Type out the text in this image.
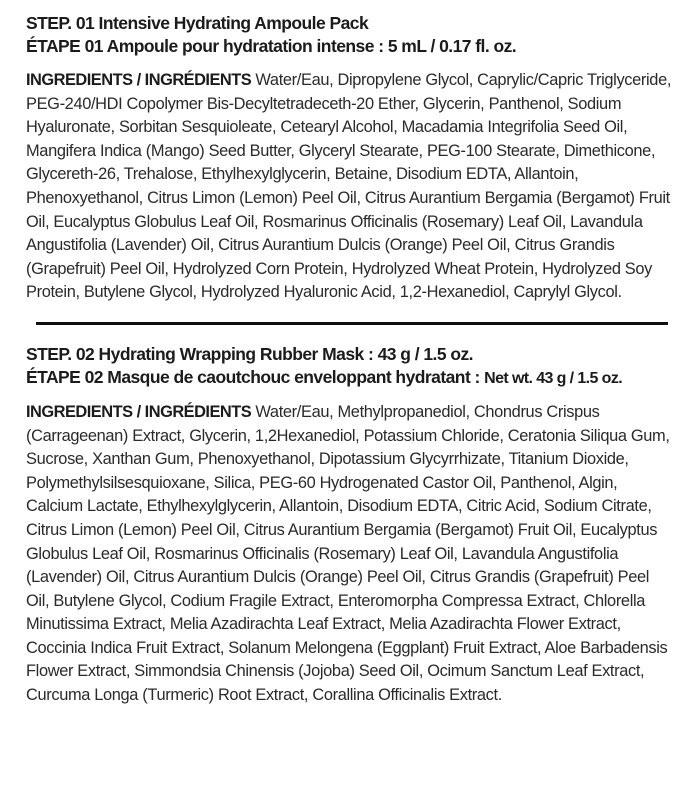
STEP. 01 Intensive Hydrating Ampoule Pack
ÉTAPE 01 Ampoule pour hydratation intense : 5 mL / 0.17 fl. oz.

INGREDIENTS / INGRÉDIENTS Water/Eau, Dipropylene Glycol, Caprylic/Capric Triglyceride, PEG-240/HDI Copolymer Bis-Decyltetradeceth-20 Ether, Glycerin, Panthenol, Sodium Hyaluronate, Sorbitan Sesquioleate, Cetearyl Alcohol, Macadamia Integrifolia Seed Oil, Mangifera Indica (Mango) Seed Butter, Glyceryl Stearate, PEG-100 Stearate, Dimethicone, Glycereth-26, Trehalose, Ethylhexylglycerin, Betaine, Disodium EDTA, Allantoin, Phenoxyethanol, Citrus Limon (Lemon) Peel Oil, Citrus Aurantium Bergamia (Bergamot) Fruit Oil, Eucalyptus Globulus Leaf Oil, Rosmarinus Officinalis (Rosemary) Leaf Oil, Lavandula Angustifolia (Lavender) Oil, Citrus Aurantium Dulcis (Orange) Peel Oil, Citrus Grandis (Grapefruit) Peel Oil, Hydrolyzed Corn Protein, Hydrolyzed Wheat Protein, Hydrolyzed Soy Protein, Butylene Glycol, Hydrolyzed Hyaluronic Acid, 1,2-Hexanediol, Caprylyl Glycol.

STEP. 02 Hydrating Wrapping Rubber Mask : 43 g / 1.5 oz.
ÉTAPE 02 Masque de caoutchouc enveloppant hydratant : Net wt. 43 g / 1.5 oz.

INGREDIENTS / INGRÉDIENTS Water/Eau, Methylpropanediol, Chondrus Crispus (Carrageenan) Extract, Glycerin, 1,2Hexanediol, Potassium Chloride, Ceratonia Siliqua Gum, Sucrose, Xanthan Gum, Phenoxyethanol, Dipotassium Glycyrrhizate, Titanium Dioxide, Polymethylsilsesquioxane, Silica, PEG-60 Hydrogenated Castor Oil, Panthenol, Algin, Calcium Lactate, Ethylhexylglycerin, Allantoin, Disodium EDTA, Citric Acid, Sodium Citrate, Citrus Limon (Lemon) Peel Oil, Citrus Aurantium Bergamia (Bergamot) Fruit Oil, Eucalyptus Globulus Leaf Oil, Rosmarinus Officinalis (Rosemary) Leaf Oil, Lavandula Angustifolia (Lavender) Oil, Citrus Aurantium Dulcis (Orange) Peel Oil, Citrus Grandis (Grapefruit) Peel Oil, Butylene Glycol, Codium Fragile Extract, Enteromorpha Compressa Extract, Chlorella Minutissima Extract, Melia Azadirachta Leaf Extract, Melia Azadirachta Flower Extract, Coccinia Indica Fruit Extract, Solanum Melongena (Eggplant) Fruit Extract, Aloe Barbadensis Flower Extract, Simmondsia Chinensis (Jojoba) Seed Oil, Ocimum Sanctum Leaf Extract, Curcuma Longa (Turmeric) Root Extract, Corallina Officinalis Extract.
